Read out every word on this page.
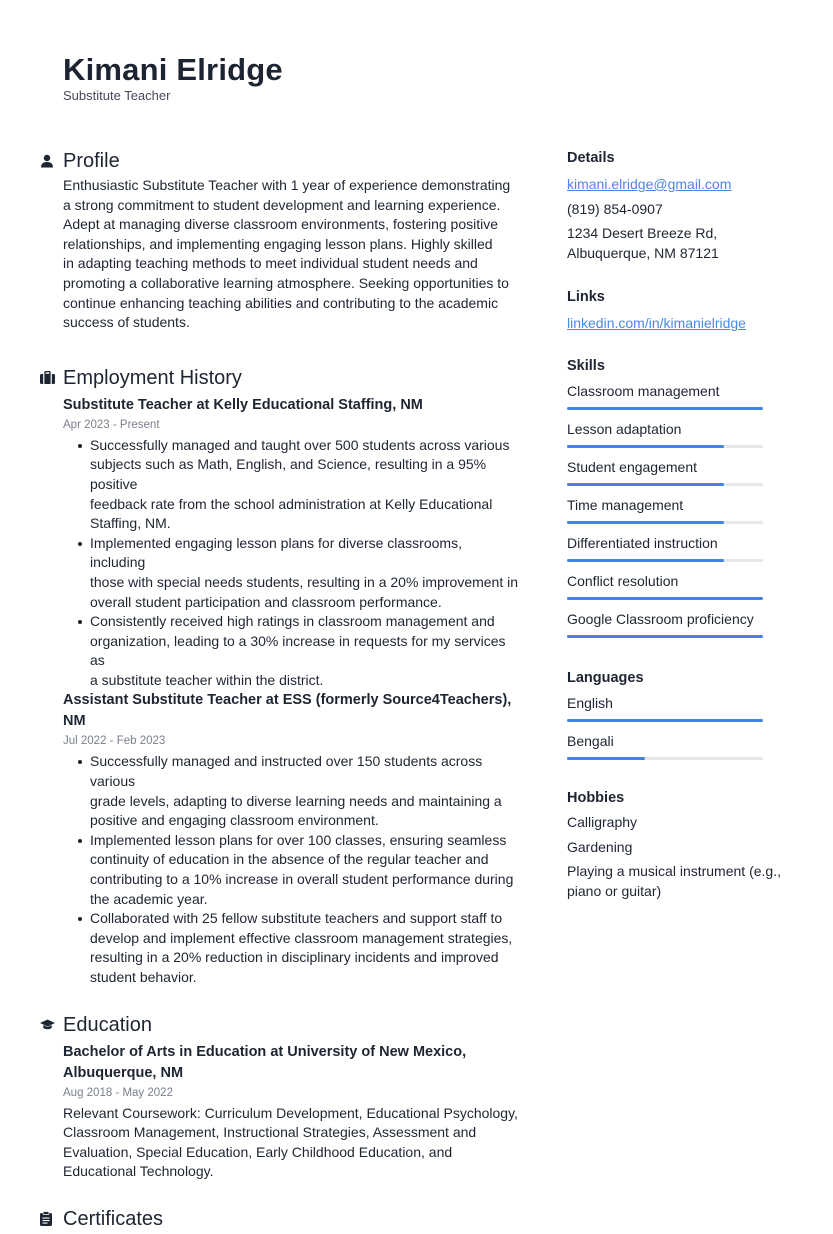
Kimani Elridge
Substitute Teacher
Profile
Enthusiastic Substitute Teacher with 1 year of experience demonstrating
a strong commitment to student development and learning experience.
Adept at managing diverse classroom environments, fostering positive
relationships, and implementing engaging lesson plans. Highly skilled
in adapting teaching methods to meet individual student needs and
promoting a collaborative learning atmosphere. Seeking opportunities to
continue enhancing teaching abilities and contributing to the academic
success of students.
Employment History
Substitute Teacher at Kelly Educational Staffing, NM
Apr 2023 - Present
Successfully managed and taught over 500 students across various
subjects such as Math, English, and Science, resulting in a 95% positive
feedback rate from the school administration at Kelly Educational
Staffing, NM.
Implemented engaging lesson plans for diverse classrooms, including
those with special needs students, resulting in a 20% improvement in
overall student participation and classroom performance.
Consistently received high ratings in classroom management and
organization, leading to a 30% increase in requests for my services as
a substitute teacher within the district.
Assistant Substitute Teacher at ESS (formerly Source4Teachers),
NM
Jul 2022 - Feb 2023
Successfully managed and instructed over 150 students across various
grade levels, adapting to diverse learning needs and maintaining a
positive and engaging classroom environment.
Implemented lesson plans for over 100 classes, ensuring seamless
continuity of education in the absence of the regular teacher and
contributing to a 10% increase in overall student performance during
the academic year.
Collaborated with 25 fellow substitute teachers and support staff to
develop and implement effective classroom management strategies,
resulting in a 20% reduction in disciplinary incidents and improved
student behavior.
Education
Bachelor of Arts in Education at University of New Mexico,
Albuquerque, NM
Aug 2018 - May 2022
Relevant Coursework: Curriculum Development, Educational Psychology,
Classroom Management, Instructional Strategies, Assessment and
Evaluation, Special Education, Early Childhood Education, and
Educational Technology.
Certificates
Details
kimani.elridge@gmail.com
(819) 854-0907
1234 Desert Breeze Rd,
Albuquerque, NM 87121
Links
linkedin.com/in/kimanielridge
Skills
Classroom management
Lesson adaptation
Student engagement
Time management
Differentiated instruction
Conflict resolution
Google Classroom proficiency
Languages
English
Bengali
Hobbies
Calligraphy
Gardening
Playing a musical instrument (e.g.,
piano or guitar)
